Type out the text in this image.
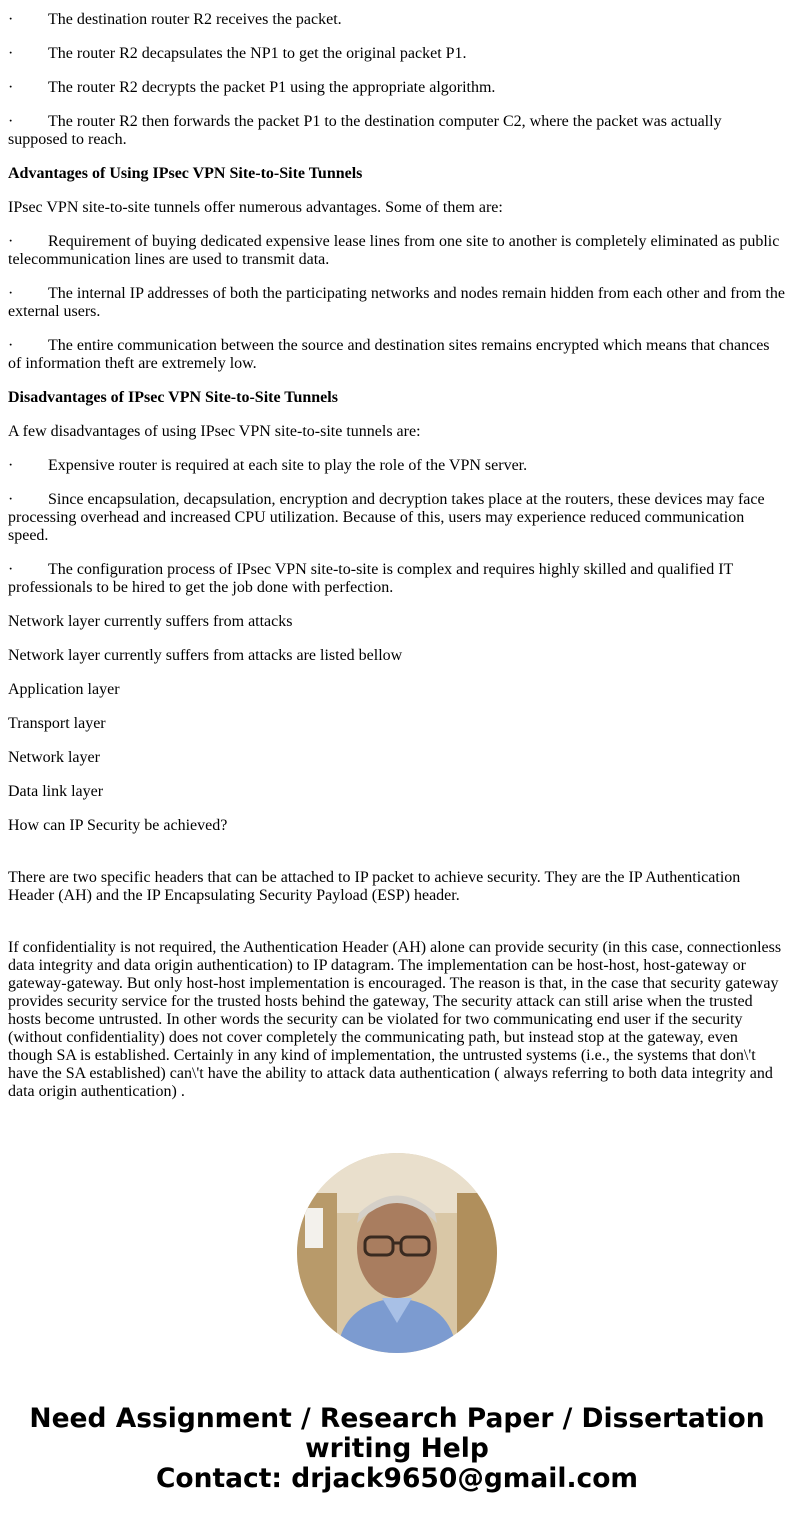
· The destination router R2 receives the packet.

· The router R2 decapsulates the NP1 to get the original packet P1.

· The router R2 decrypts the packet P1 using the appropriate algorithm.

· The router R2 then forwards the packet P1 to the destination computer C2, where the packet was actually supposed to reach.

Advantages of Using IPsec VPN Site-to-Site Tunnels

IPsec VPN site-to-site tunnels offer numerous advantages. Some of them are:

· Requirement of buying dedicated expensive lease lines from one site to another is completely eliminated as public telecommunication lines are used to transmit data.

· The internal IP addresses of both the participating networks and nodes remain hidden from each other and from the external users.

· The entire communication between the source and destination sites remains encrypted which means that chances of information theft are extremely low.

Disadvantages of IPsec VPN Site-to-Site Tunnels

A few disadvantages of using IPsec VPN site-to-site tunnels are:

· Expensive router is required at each site to play the role of the VPN server.

· Since encapsulation, decapsulation, encryption and decryption takes place at the routers, these devices may face processing overhead and increased CPU utilization. Because of this, users may experience reduced communication speed.

· The configuration process of IPsec VPN site-to-site is complex and requires highly skilled and qualified IT professionals to be hired to get the job done with perfection.

Network layer currently suffers from attacks

Network layer currently suffers from attacks are listed bellow

Application layer

Transport layer

Network layer

Data link layer

How can IP Security be achieved?

There are two specific headers that can be attached to IP packet to achieve security. They are the IP Authentication Header (AH) and the IP Encapsulating Security Payload (ESP) header.

If confidentiality is not required, the Authentication Header (AH) alone can provide security (in this case, connectionless data integrity and data origin authentication) to IP datagram. The implementation can be host-host, host-gateway or gateway-gateway. But only host-host implementation is encouraged. The reason is that, in the case that security gateway provides security service for the trusted hosts behind the gateway, The security attack can still arise when the trusted hosts become untrusted. In other words the security can be violated for two communicating end user if the security (without confidentiality) does not cover completely the communicating path, but instead stop at the gateway, even though SA is established. Certainly in any kind of implementation, the untrusted systems (i.e., the systems that don\'t have the SA established) can\'t have the ability to attack data authentication ( always referring to both data integrity and data origin authentication) .

Need Assignment / Research Paper / Dissertation writing Help
Contact: drjack9650@gmail.com
